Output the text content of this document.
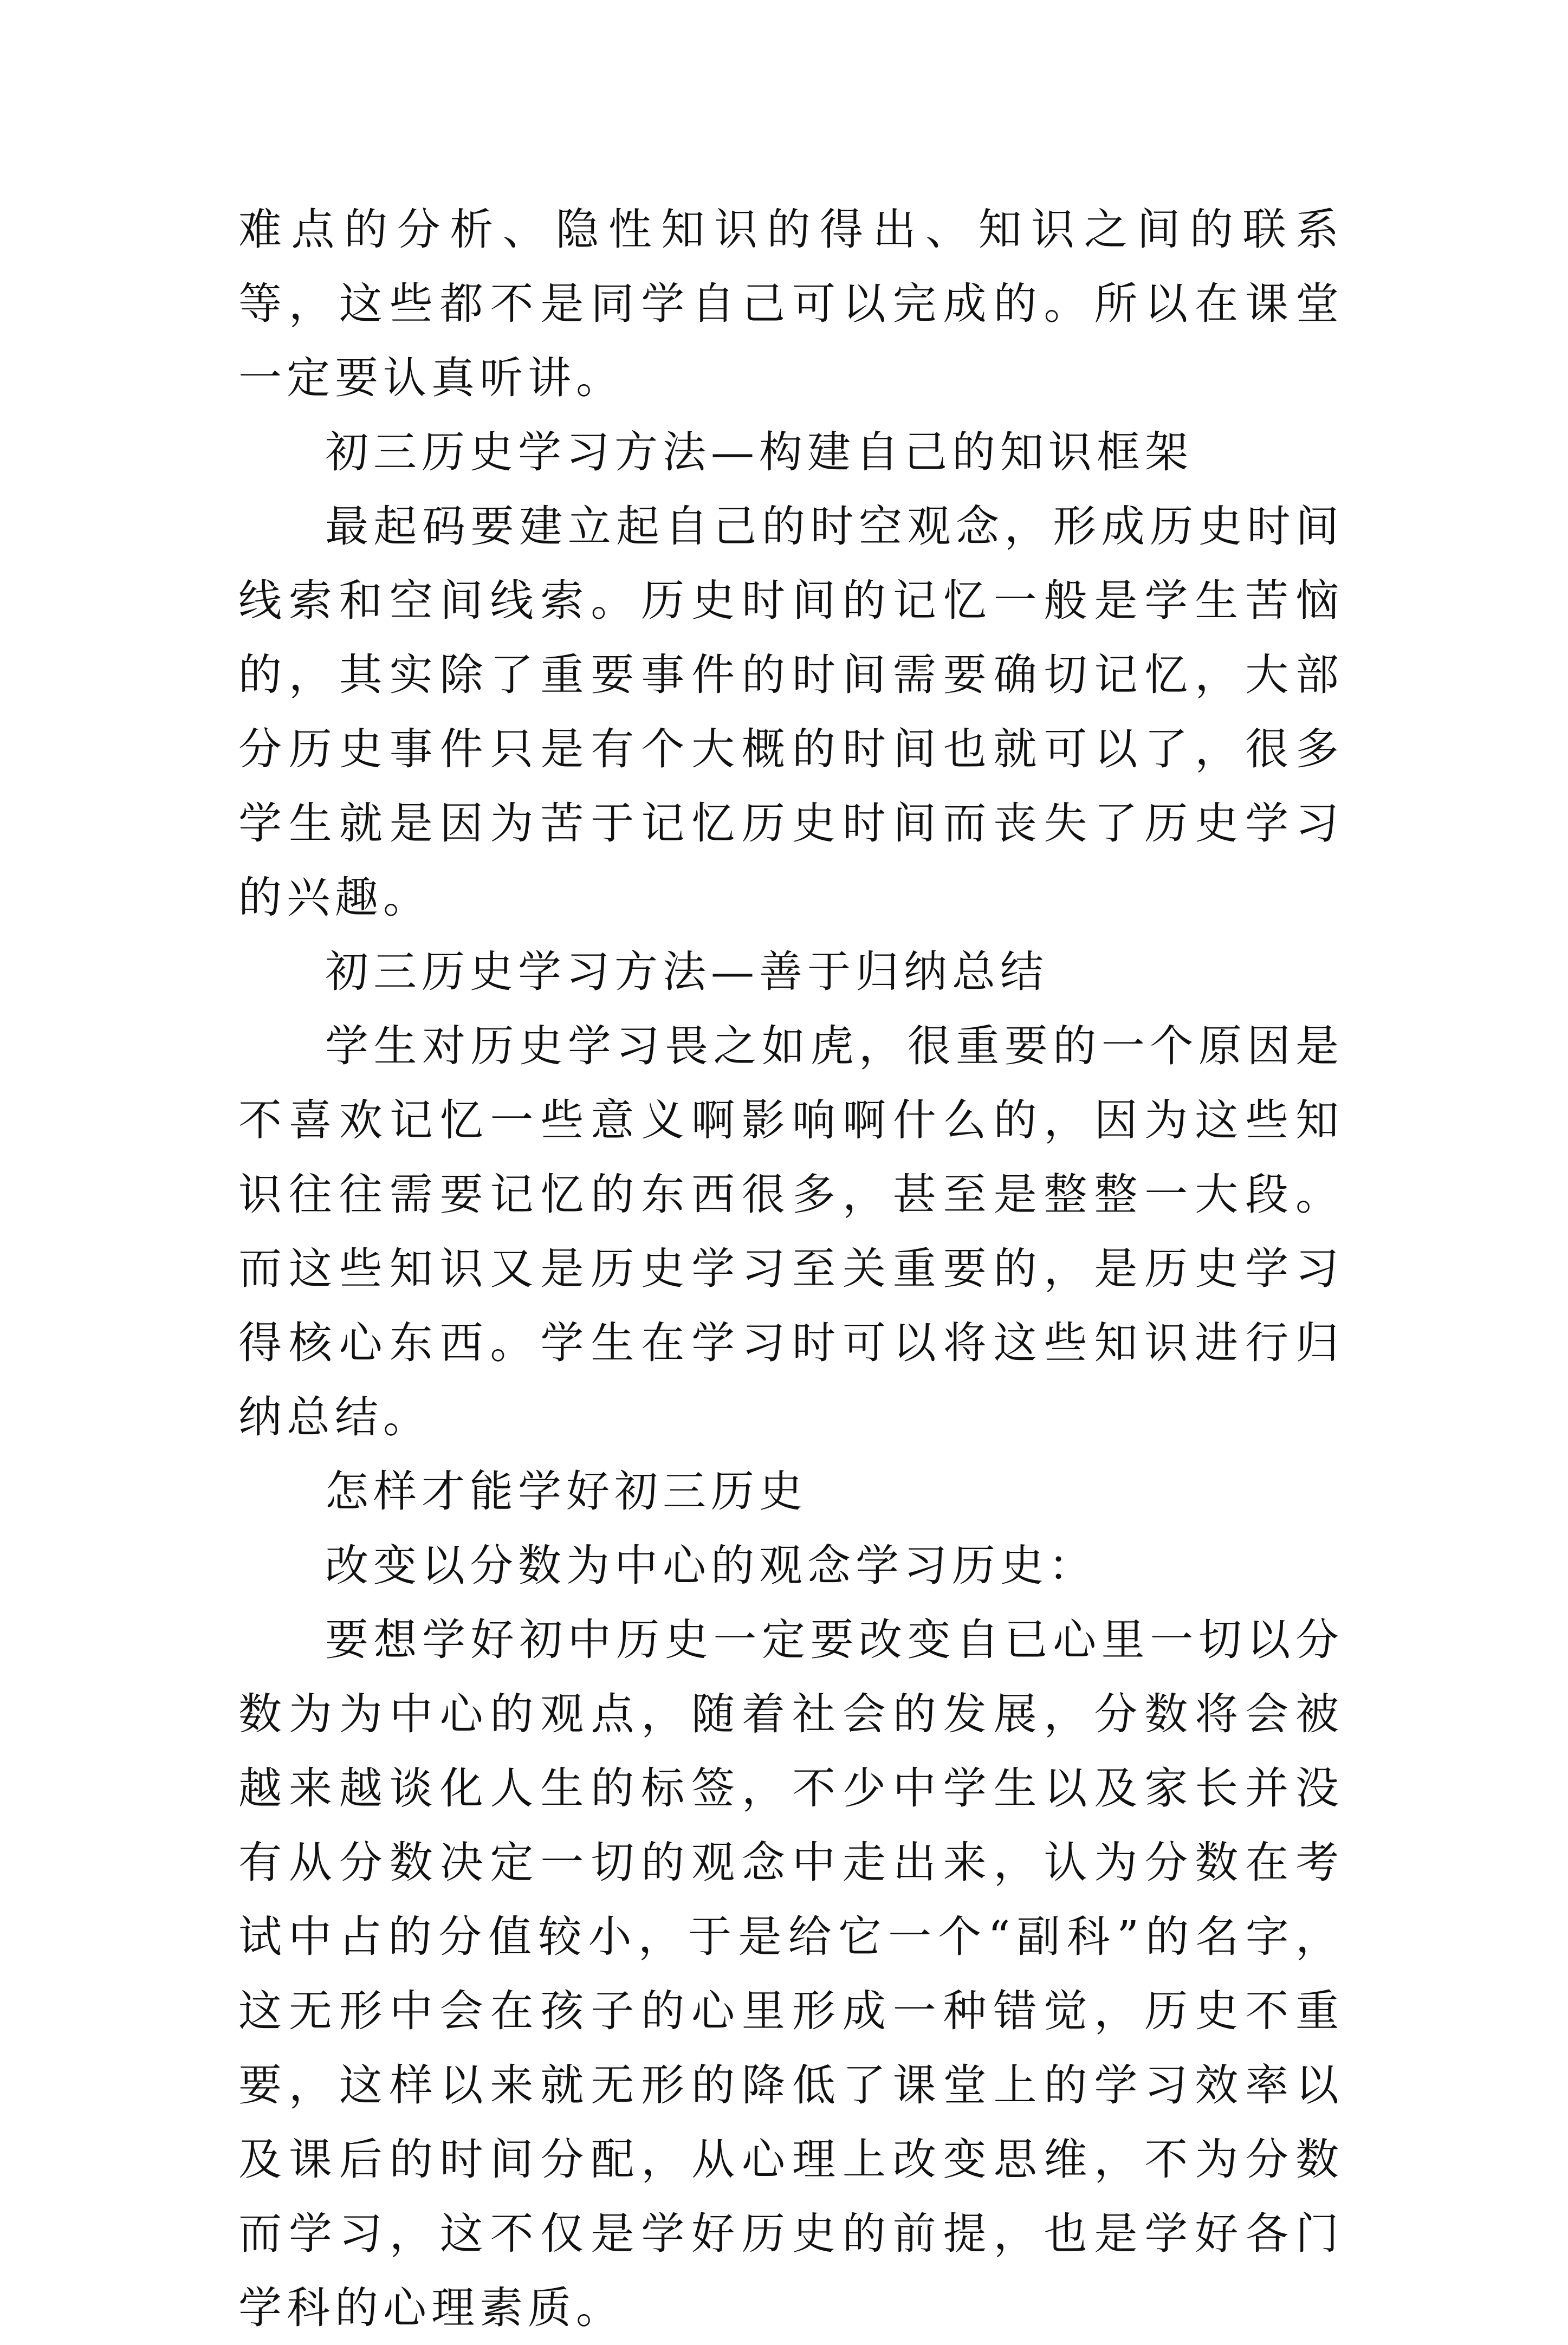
难点的分析、隐性知识的得出、知识之间的联系等，这些都不是同学自己可以完成的。所以在课堂一定要认真听讲。

初三历史学习方法—构建自己的知识框架

最起码要建立起自己的时空观念，形成历史时间线索和空间线索。历史时间的记忆一般是学生苦恼的，其实除了重要事件的时间需要确切记忆，大部分历史事件只是有个大概的时间也就可以了，很多学生就是因为苦于记忆历史时间而丧失了历史学习的兴趣。

初三历史学习方法—善于归纳总结

学生对历史学习畏之如虎，很重要的一个原因是不喜欢记忆一些意义啊影响啊什么的，因为这些知识往往需要记忆的东西很多，甚至是整整一大段。而这些知识又是历史学习至关重要的，是历史学习得核心东西。学生在学习时可以将这些知识进行归纳总结。

怎样才能学好初三历史

改变以分数为中心的观念学习历史：

要想学好初中历史一定要改变自已心里一切以分数为为中心的观点，随着社会的发展，分数将会被越来越谈化人生的标签，不少中学生以及家长并没有从分数决定一切的观念中走出来，认为分数在考试中占的分值较小，于是给它一个“副科”的名字，这无形中会在孩子的心里形成一种错觉，历史不重要，这样以来就无形的降低了课堂上的学习效率以及课后的时间分配，从心理上改变思维，不为分数而学习，这不仅是学好历史的前提，也是学好各门学科的心理素质。
